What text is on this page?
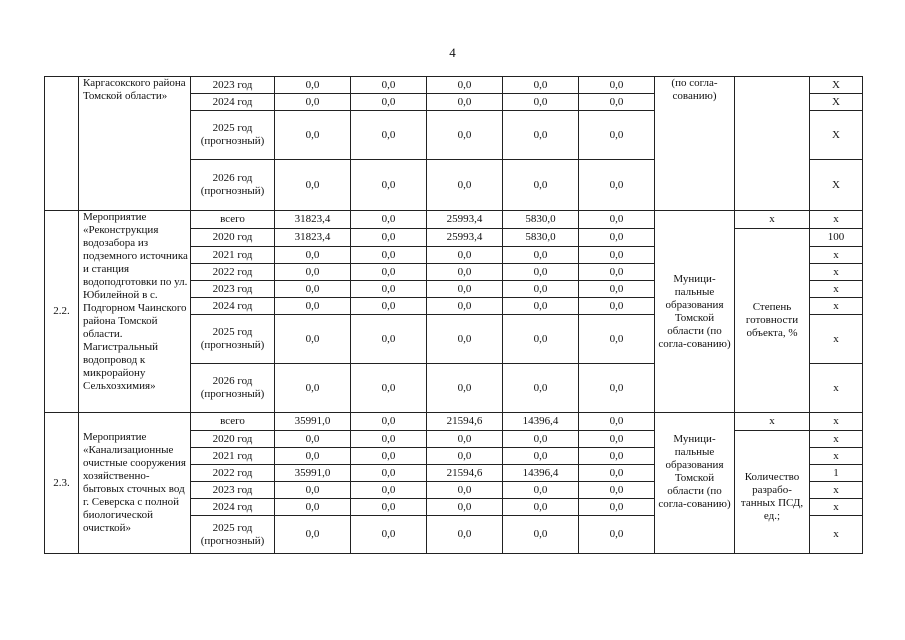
4
	Каргасокского района Томской области»	2023 год	0,0	0,0	0,0	0,0	0,0	(по согла-сованию)		Х
		2024 год	0,0	0,0	0,0	0,0	0,0			Х
		2025 год (прогнозный)	0,0	0,0	0,0	0,0	0,0			Х
		2026 год (прогнозный)	0,0	0,0	0,0	0,0	0,0			Х
2.2.	Мероприятие «Реконструкция водозабора из подземного источника и станция водоподготовки по ул. Юбилейной в с. Подгорном Чаинского района Томской области. Магистральный водопровод к микрорайону Сельхозхимия»	всего	31823,4	0,0	25993,4	5830,0	0,0	Муници-пальные образования Томской области (по согла-сованию)	х	х
		2020 год	31823,4	0,0	25993,4	5830,0	0,0		Степень готовности объекта, %	100
		2021 год	0,0	0,0	0,0	0,0	0,0			х
		2022 год	0,0	0,0	0,0	0,0	0,0			х
		2023 год	0,0	0,0	0,0	0,0	0,0			х
		2024 год	0,0	0,0	0,0	0,0	0,0			х
		2025 год (прогнозный)	0,0	0,0	0,0	0,0	0,0			х
		2026 год (прогнозный)	0,0	0,0	0,0	0,0	0,0			х
2.3.	Мероприятие «Канализационные очистные сооружения хозяйственно-бытовых сточных вод г. Северска с полной биологической очисткой»	всего	35991,0	0,0	21594,6	14396,4	0,0	Муници-пальные образования Томской области (по согла-сованию)	х	х
		2020 год	0,0	0,0	0,0	0,0	0,0		Количество разрабо-танных ПСД, ед.;	х
		2021 год	0,0	0,0	0,0	0,0	0,0			х
		2022 год	35991,0	0,0	21594,6	14396,4	0,0			1
		2023 год	0,0	0,0	0,0	0,0	0,0			х
		2024 год	0,0	0,0	0,0	0,0	0,0			х
		2025 год (прогнозный)	0,0	0,0	0,0	0,0	0,0			х
